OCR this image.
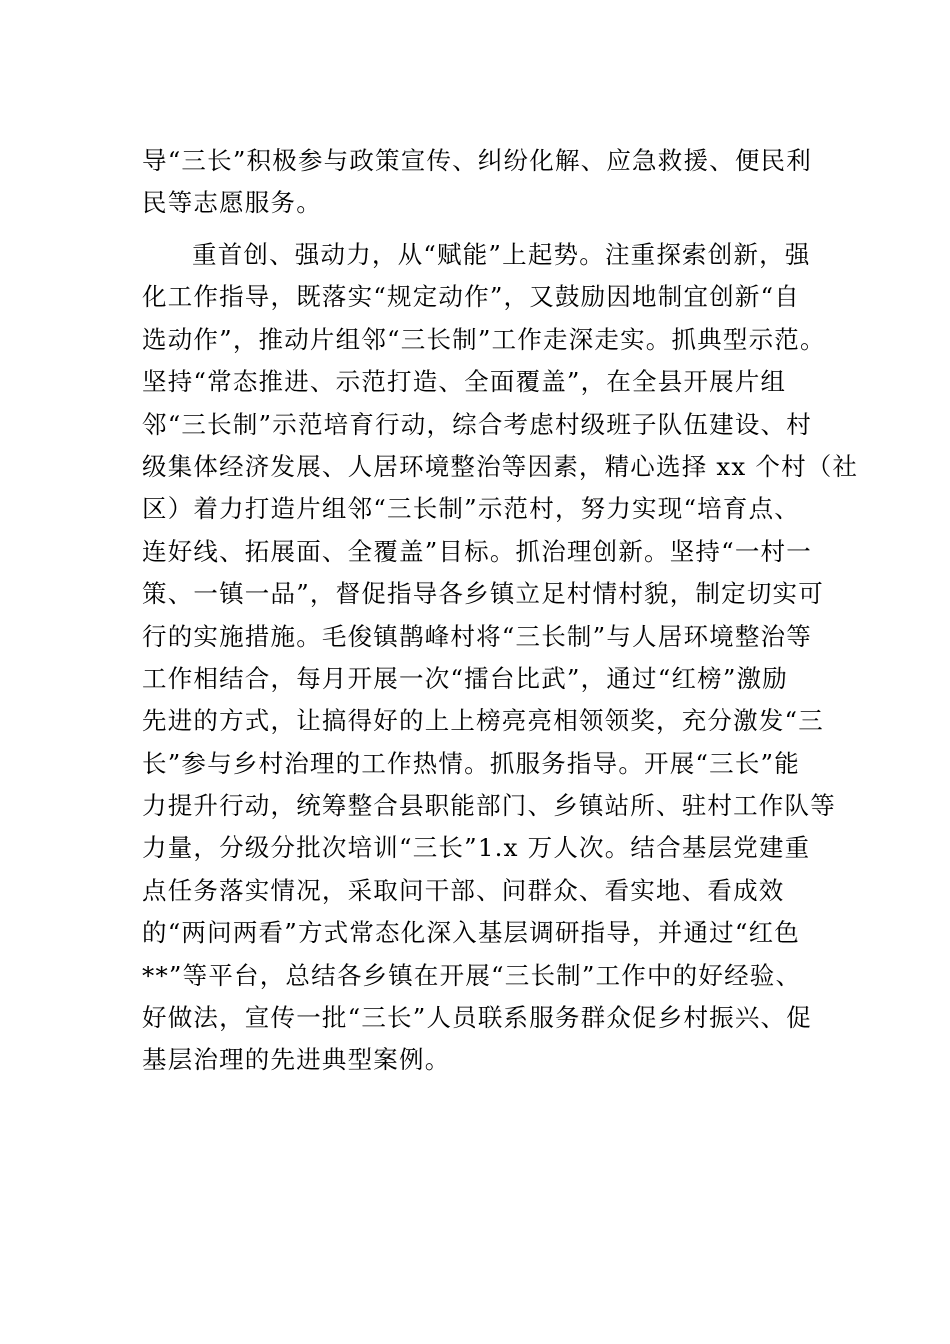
导“三长”积极参与政策宣传、纠纷化解、应急救援、便民利
民等志愿服务。
重首创、强动力，从“赋能”上起势。注重探索创新，强
化工作指导，既落实“规定动作”，又鼓励因地制宜创新“自
选动作”，推动片组邻“三长制”工作走深走实。抓典型示范。
坚持“常态推进、示范打造、全面覆盖”，在全县开展片组
邻“三长制”示范培育行动，综合考虑村级班子队伍建设、村
级集体经济发展、人居环境整治等因素，精心选择 xx 个村（社
区）着力打造片组邻“三长制”示范村，努力实现“培育点、
连好线、拓展面、全覆盖”目标。抓治理创新。坚持“一村一
策、一镇一品”，督促指导各乡镇立足村情村貌，制定切实可
行的实施措施。毛俊镇鹊峰村将“三长制”与人居环境整治等
工作相结合，每月开展一次“擂台比武”，通过“红榜”激励
先进的方式，让搞得好的上上榜亮亮相领领奖，充分激发“三
长”参与乡村治理的工作热情。抓服务指导。开展“三长”能
力提升行动，统筹整合县职能部门、乡镇站所、驻村工作队等
力量，分级分批次培训“三长”1.x 万人次。结合基层党建重
点任务落实情况，采取问干部、问群众、看实地、看成效
的“两问两看”方式常态化深入基层调研指导，并通过“红色
**”等平台，总结各乡镇在开展“三长制”工作中的好经验、
好做法，宣传一批“三长”人员联系服务群众促乡村振兴、促
基层治理的先进典型案例。
